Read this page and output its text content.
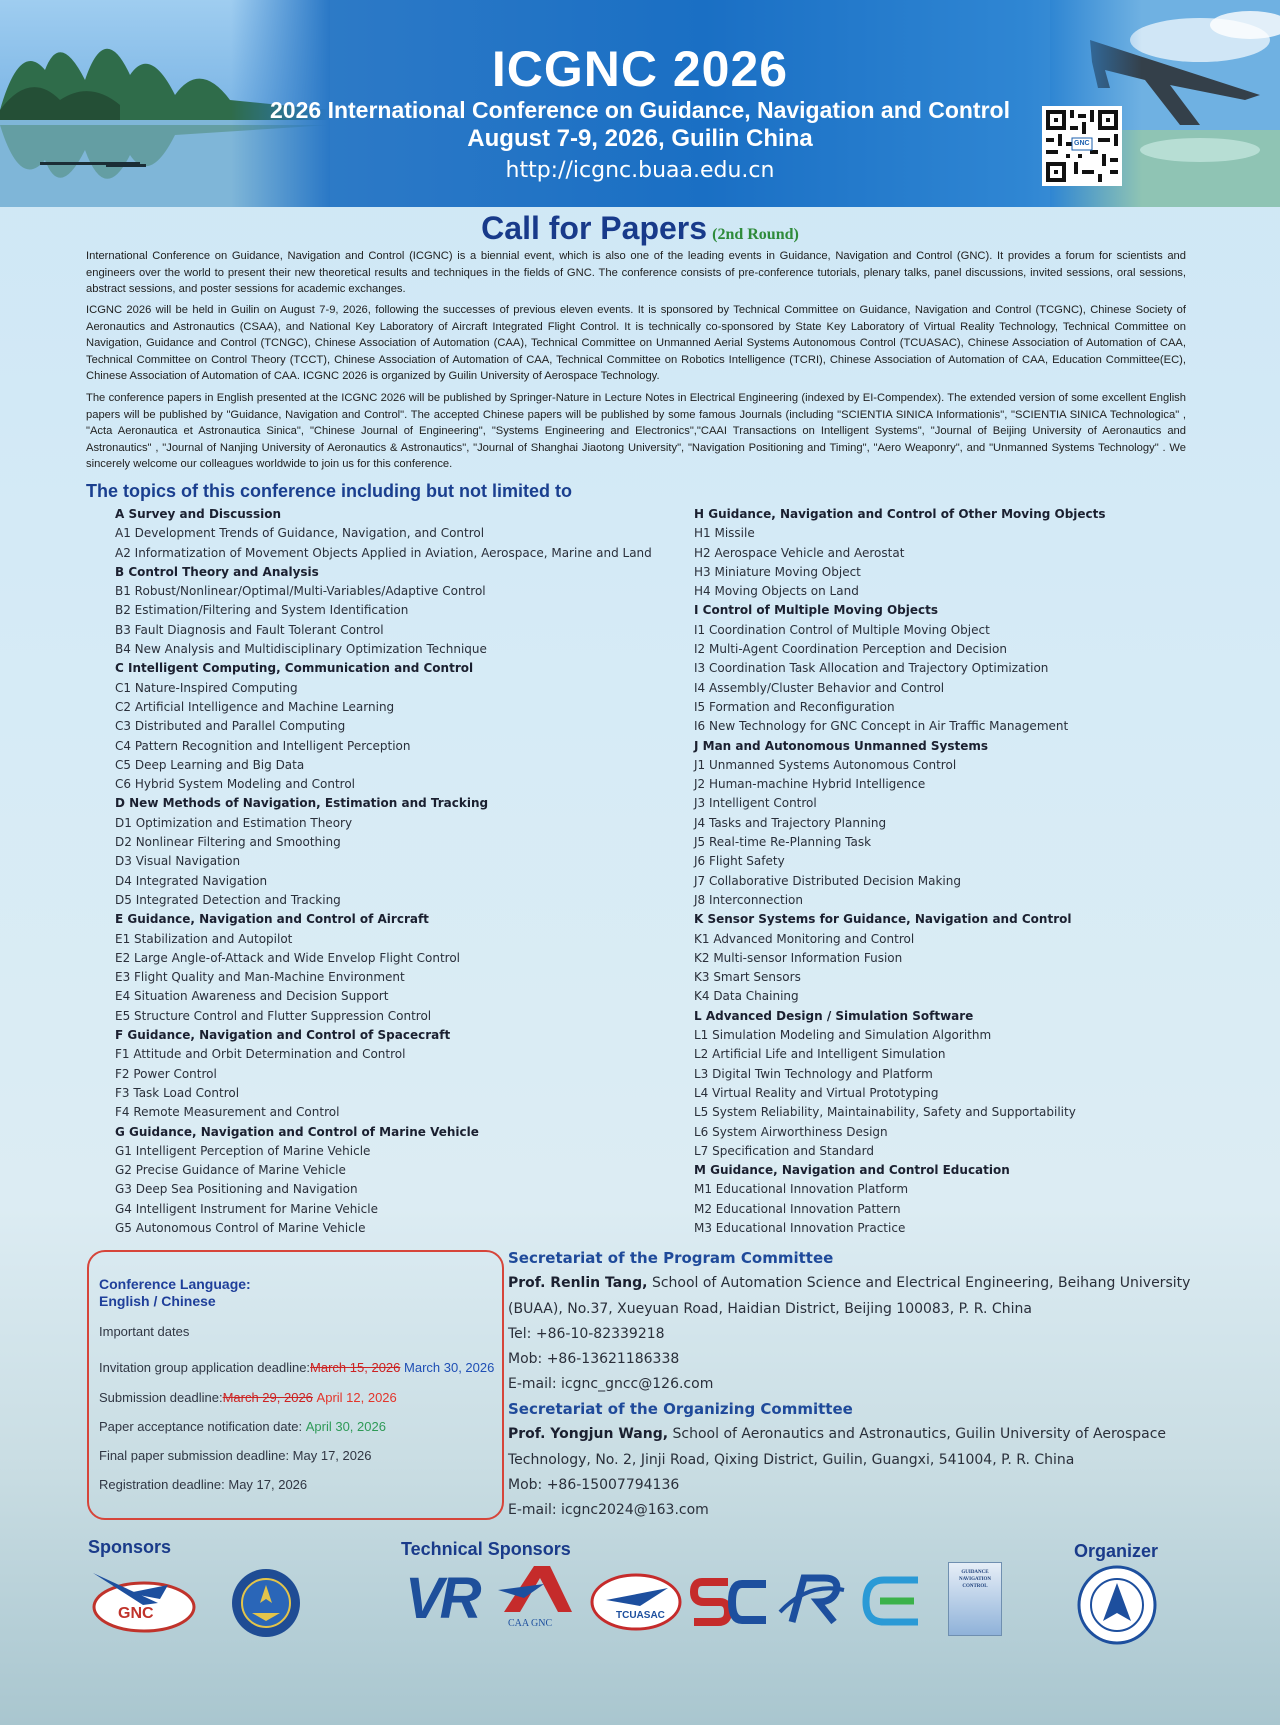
ICGNC 2026
2026 International Conference on Guidance, Navigation and Control
August 7-9, 2026, Guilin China
http://icgnc.buaa.edu.cn
GNC
Call for Papers (2nd Round)
International Conference on Guidance, Navigation and Control (ICGNC) is a biennial event, which is also one of the leading events in Guidance, Navigation and Control (GNC). It provides a forum for scientists and engineers over the world to present their new theoretical results and techniques in the fields of GNC. The conference consists of pre-conference tutorials, plenary talks, panel discussions, invited sessions, oral sessions, abstract sessions, and poster sessions for academic exchanges.
ICGNC 2026 will be held in Guilin on August 7-9, 2026, following the successes of previous eleven events. It is sponsored by Technical Committee on Guidance, Navigation and Control (TCGNC), Chinese Society of Aeronautics and Astronautics (CSAA), and National Key Laboratory of Aircraft Integrated Flight Control. It is technically co-sponsored by State Key Laboratory of Virtual Reality Technology, Technical Committee on Navigation, Guidance and Control (TCNGC), Chinese Association of Automation (CAA), Technical Committee on Unmanned Aerial Systems Autonomous Control (TCUASAC), Chinese Association of Automation of CAA, Technical Committee on Control Theory (TCCT), Chinese Association of Automation of CAA, Technical Committee on Robotics Intelligence (TCRI), Chinese Association of Automation of CAA, Education Committee(EC), Chinese Association of Automation of CAA. ICGNC 2026 is organized by Guilin University of Aerospace Technology.
The conference papers in English presented at the ICGNC 2026 will be published by Springer-Nature in Lecture Notes in Electrical Engineering (indexed by EI-Compendex). The extended version of some excellent English papers will be published by "Guidance, Navigation and Control". The accepted Chinese papers will be published by some famous Journals (including "SCIENTIA SINICA Informationis", "SCIENTIA SINICA Technologica" , "Acta Aeronautica et Astronautica Sinica", "Chinese Journal of Engineering", "Systems Engineering and Electronics","CAAI Transactions on Intelligent Systems", "Journal of Beijing University of Aeronautics and Astronautics" , "Journal of Nanjing University of Aeronautics & Astronautics", "Journal of Shanghai Jiaotong University", "Navigation Positioning and Timing", "Aero Weaponry", and "Unmanned Systems Technology" . We sincerely welcome our colleagues worldwide to join us for this conference.
The topics of this conference including but not limited to
A Survey and Discussion
A1 Development Trends of Guidance, Navigation, and Control
A2 Informatization of Movement Objects Applied in Aviation, Aerospace, Marine and Land
B Control Theory and Analysis
B1 Robust/Nonlinear/Optimal/Multi-Variables/Adaptive Control
B2 Estimation/Filtering and System Identification
B3 Fault Diagnosis and Fault Tolerant Control
B4 New Analysis and Multidisciplinary Optimization Technique
C Intelligent Computing, Communication and Control
C1 Nature-Inspired Computing
C2 Artificial Intelligence and Machine Learning
C3 Distributed and Parallel Computing
C4 Pattern Recognition and Intelligent Perception
C5 Deep Learning and Big Data
C6 Hybrid System Modeling and Control
D New Methods of Navigation, Estimation and Tracking
D1 Optimization and Estimation Theory
D2 Nonlinear Filtering and Smoothing
D3 Visual Navigation
D4 Integrated Navigation
D5 Integrated Detection and Tracking
E Guidance, Navigation and Control of Aircraft
E1 Stabilization and Autopilot
E2 Large Angle-of-Attack and Wide Envelop Flight Control
E3 Flight Quality and Man-Machine Environment
E4 Situation Awareness and Decision Support
E5 Structure Control and Flutter Suppression Control
F Guidance, Navigation and Control of Spacecraft
F1 Attitude and Orbit Determination and Control
F2 Power Control
F3 Task Load Control
F4 Remote Measurement and Control
G Guidance, Navigation and Control of Marine Vehicle
G1 Intelligent Perception of Marine Vehicle
G2 Precise Guidance of Marine Vehicle
G3 Deep Sea Positioning and Navigation
G4 Intelligent Instrument for Marine Vehicle
G5 Autonomous Control of Marine Vehicle
H Guidance, Navigation and Control of Other Moving Objects
H1 Missile
H2 Aerospace Vehicle and Aerostat
H3 Miniature Moving Object
H4 Moving Objects on Land
I Control of Multiple Moving Objects
I1 Coordination Control of Multiple Moving Object
I2 Multi-Agent Coordination Perception and Decision
I3 Coordination Task Allocation and Trajectory Optimization
I4 Assembly/Cluster Behavior and Control
I5 Formation and Reconfiguration
I6 New Technology for GNC Concept in Air Traffic Management
J Man and Autonomous Unmanned Systems
J1 Unmanned Systems Autonomous Control
J2 Human-machine Hybrid Intelligence
J3 Intelligent Control
J4 Tasks and Trajectory Planning
J5 Real-time Re-Planning Task
J6 Flight Safety
J7 Collaborative Distributed Decision Making
J8 Interconnection
K Sensor Systems for Guidance, Navigation and Control
K1 Advanced Monitoring and Control
K2 Multi-sensor Information Fusion
K3 Smart Sensors
K4 Data Chaining
L Advanced Design / Simulation Software
L1 Simulation Modeling and Simulation Algorithm
L2 Artificial Life and Intelligent Simulation
L3 Digital Twin Technology and Platform
L4 Virtual Reality and Virtual Prototyping
L5 System Reliability, Maintainability, Safety and Supportability
L6 System Airworthiness Design
L7 Specification and Standard
M Guidance, Navigation and Control Education
M1 Educational Innovation Platform
M2 Educational Innovation Pattern
M3 Educational Innovation Practice
Conference Language:
English / Chinese
Important dates
Invitation group application deadline:March 15, 2026 March 30, 2026
Submission deadline:March 29, 2026 April 12, 2026
Paper acceptance notification date: April 30, 2026
Final paper submission deadline: May 17, 2026
Registration deadline: May 17, 2026
Secretariat of the Program Committee
Prof. Renlin Tang, School of Automation Science and Electrical Engineering, Beihang University
(BUAA), No.37, Xueyuan Road, Haidian District, Beijing 100083, P. R. China
Tel: +86-10-82339218
Mob: +86-13621186338
E-mail: icgnc_gncc@126.com
Secretariat of the Organizing Committee
Prof. Yongjun Wang, School of Aeronautics and Astronautics, Guilin University of Aerospace
Technology, No. 2, Jinji Road, Qixing District, Guilin, Guangxi, 541004, P. R. China
Mob: +86-15007794136
E-mail: icgnc2024@163.com
Sponsors	Technical Sponsors	Organizer
GNC	VR	CAA GNC
TCUASAC
GUIDANCE NAVIGATION CONTROL
